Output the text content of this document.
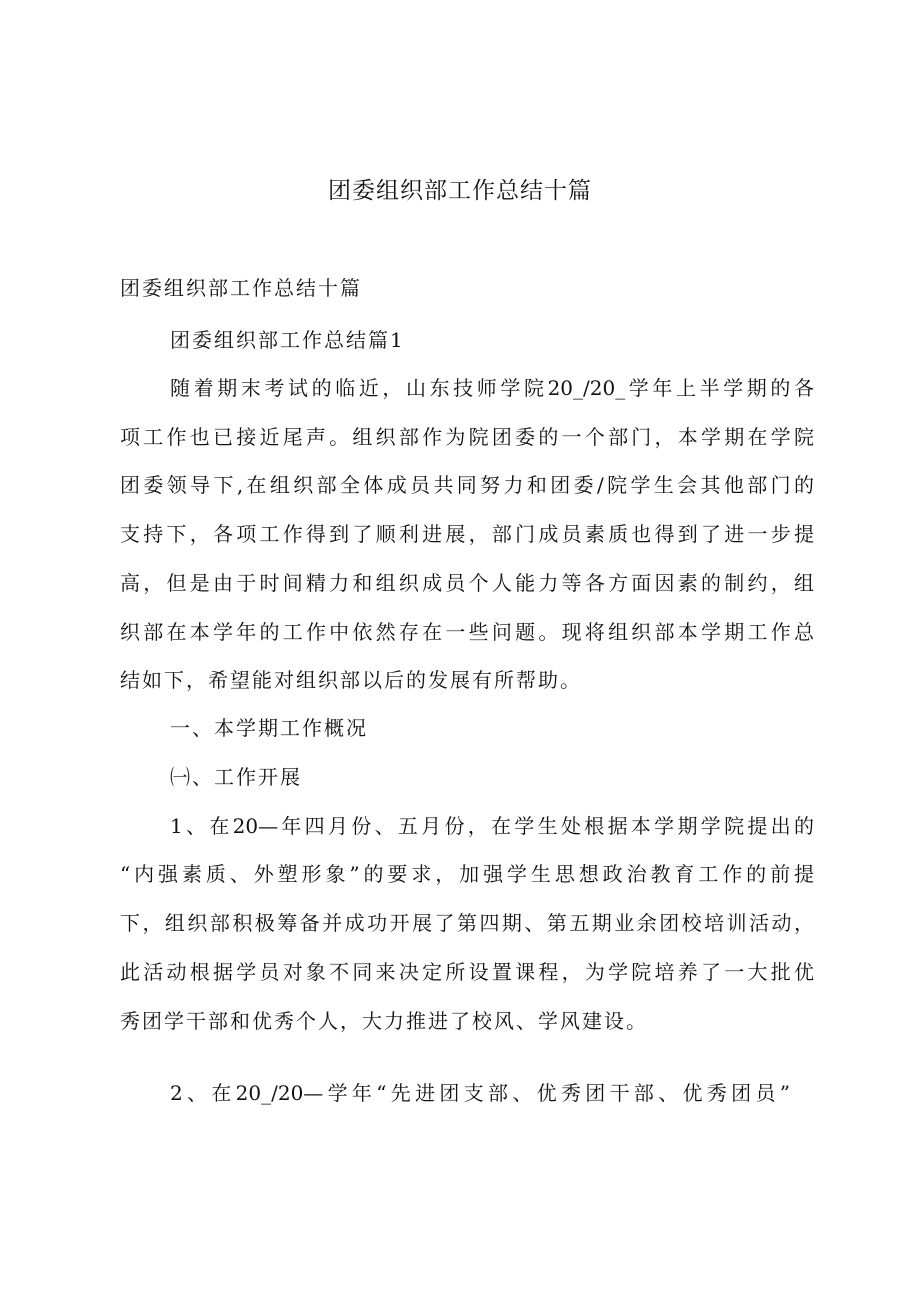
团委组织部工作总结十篇
团委组织部工作总结十篇
团委组织部工作总结篇1
随着期末考试的临近，山东技师学院20_/20_学年上半学期的各
项工作也已接近尾声。组织部作为院团委的一个部门，本学期在学院
团委领导下,在组织部全体成员共同努力和团委/院学生会其他部门的
支持下，各项工作得到了顺利进展，部门成员素质也得到了进一步提
高，但是由于时间精力和组织成员个人能力等各方面因素的制约，组
织部在本学年的工作中依然存在一些问题。现将组织部本学期工作总
结如下，希望能对组织部以后的发展有所帮助。
一、本学期工作概况
㈠、工作开展
1、在20—年四月份、五月份，在学生处根据本学期学院提出的
“内强素质、外塑形象”的要求，加强学生思想政治教育工作的前提
下，组织部积极筹备并成功开展了第四期、第五期业余团校培训活动，
此活动根据学员对象不同来决定所设置课程，为学院培养了一大批优
秀团学干部和优秀个人，大力推进了校风、学风建设。
2、在20_/20—学年“先进团支部、优秀团干部、优秀团员”
